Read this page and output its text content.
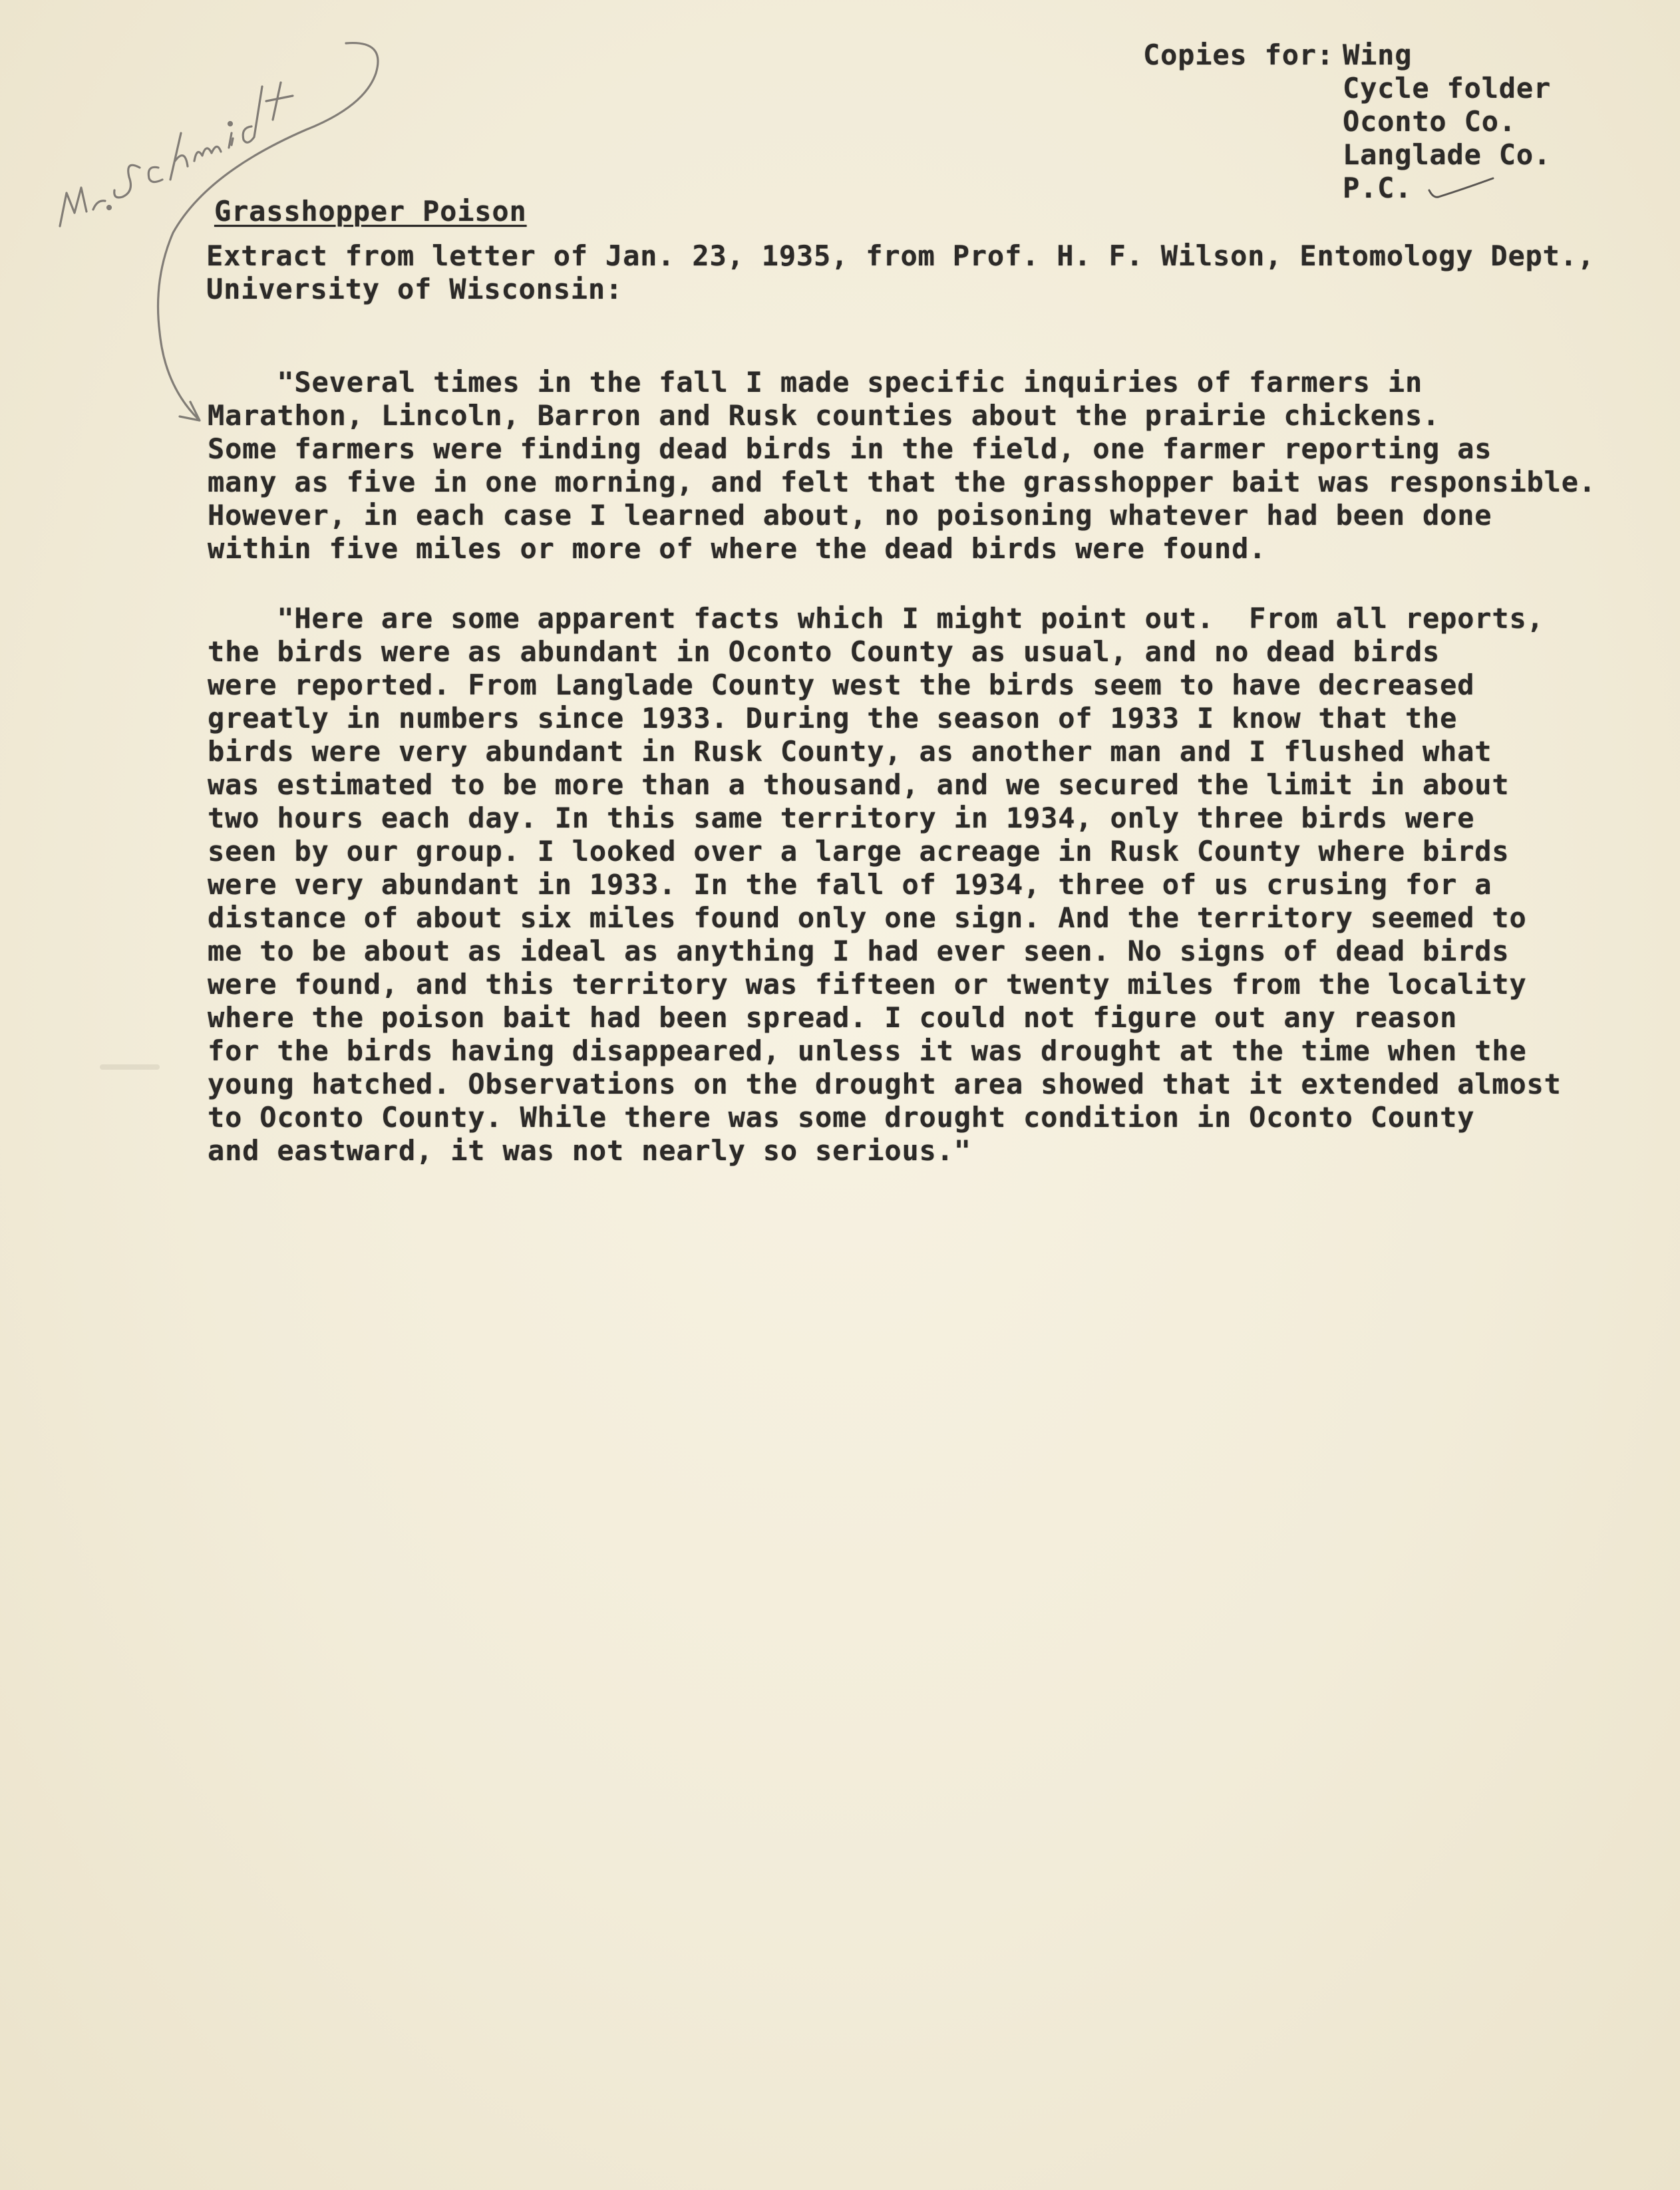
Copies for: Wing
Cycle folder
Oconto Co.
Langlade Co.
P.C.
Grasshopper Poison
Extract from letter of Jan. 23, 1935, from Prof. H. F. Wilson, Entomology Dept.,
University of Wisconsin:
"Several times in the fall I made specific inquiries of farmers in
Marathon, Lincoln, Barron and Rusk counties about the prairie chickens.
Some farmers were finding dead birds in the field, one farmer reporting as
many as five in one morning, and felt that the grasshopper bait was responsible.
However, in each case I learned about, no poisoning whatever had been done
within five miles or more of where the dead birds were found.
"Here are some apparent facts which I might point out.  From all reports,
the birds were as abundant in Oconto County as usual, and no dead birds
were reported. From Langlade County west the birds seem to have decreased
greatly in numbers since 1933. During the season of 1933 I know that the
birds were very abundant in Rusk County, as another man and I flushed what
was estimated to be more than a thousand, and we secured the limit in about
two hours each day. In this same territory in 1934, only three birds were
seen by our group. I looked over a large acreage in Rusk County where birds
were very abundant in 1933. In the fall of 1934, three of us crusing for a
distance of about six miles found only one sign. And the territory seemed to
me to be about as ideal as anything I had ever seen. No signs of dead birds
were found, and this territory was fifteen or twenty miles from the locality
where the poison bait had been spread. I could not figure out any reason
for the birds having disappeared, unless it was drought at the time when the
young hatched. Observations on the drought area showed that it extended almost
to Oconto County. While there was some drought condition in Oconto County
and eastward, it was not nearly so serious."
